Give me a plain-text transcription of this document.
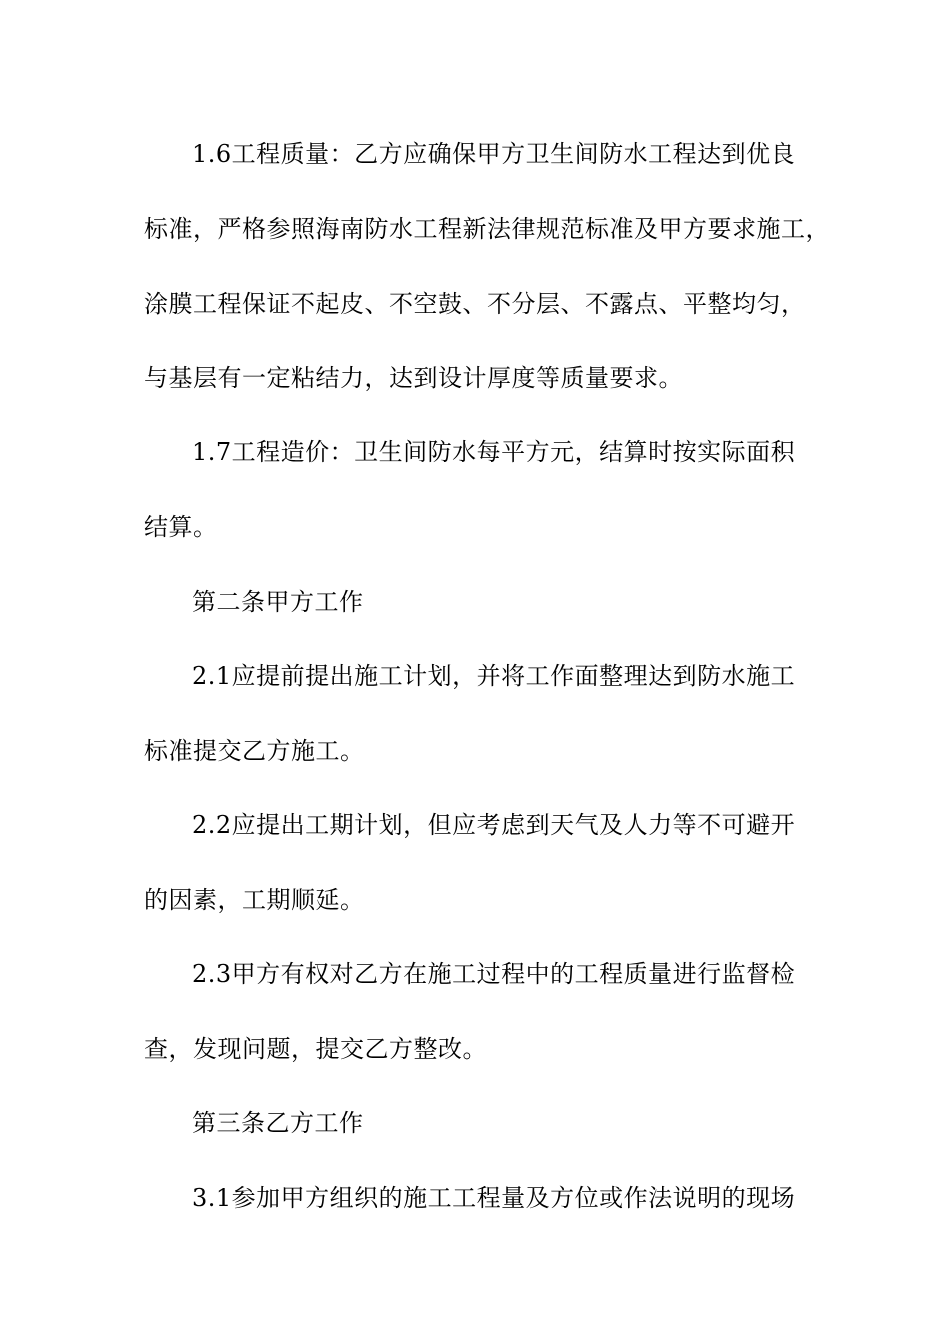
1.6工程质量：乙方应确保甲方卫生间防水工程达到优良
标准，严格参照海南防水工程新法律规范标准及甲方要求施工，
涂膜工程保证不起皮、不空鼓、不分层、不露点、平整均匀，
与基层有一定粘结力，达到设计厚度等质量要求。
1.7工程造价：卫生间防水每平方元，结算时按实际面积
结算。
第二条甲方工作
2.1应提前提出施工计划，并将工作面整理达到防水施工
标准提交乙方施工。
2.2应提出工期计划，但应考虑到天气及人力等不可避开
的因素，工期顺延。
2.3甲方有权对乙方在施工过程中的工程质量进行监督检
查，发现问题，提交乙方整改。
第三条乙方工作
3.1参加甲方组织的施工工程量及方位或作法说明的现场
